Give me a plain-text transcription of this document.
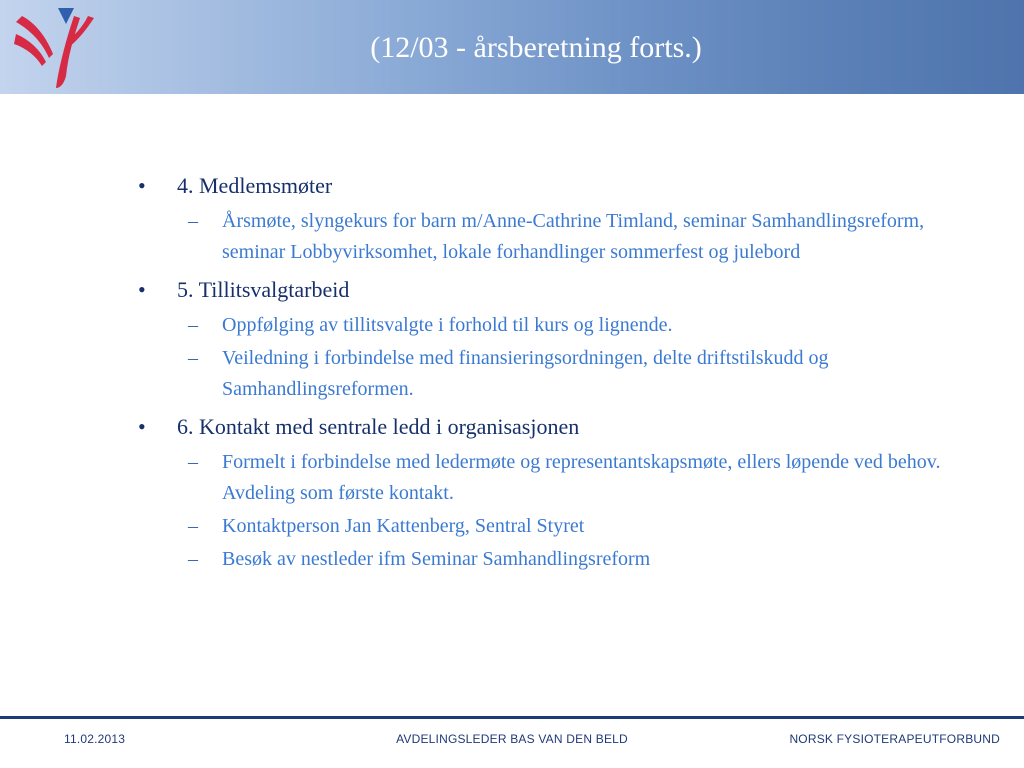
(12/03 - årsberetning forts.)
• 4. Medlemsmøter
– Årsmøte, slyngekurs for barn m/Anne-Cathrine Timland, seminar Samhandlingsreform, seminar Lobbyvirksomhet, lokale forhandlinger sommerfest og julebord
• 5. Tillitsvalgtarbeid
– Oppfølging av tillitsvalgte i forhold til kurs og lignende.
– Veiledning i forbindelse med finansieringsordningen, delte driftstilskudd og Samhandlingsreformen.
• 6. Kontakt med sentrale ledd i organisasjonen
– Formelt i forbindelse med ledermøte og representantskapsmøte, ellers løpende ved behov. Avdeling som første kontakt.
– Kontaktperson Jan Kattenberg, Sentral Styret
– Besøk av nestleder ifm Seminar Samhandlingsreform
11.02.2013	AVDELINGSLEDER BAS VAN DEN BELD	NORSK FYSIOTERAPEUTFORBUND
